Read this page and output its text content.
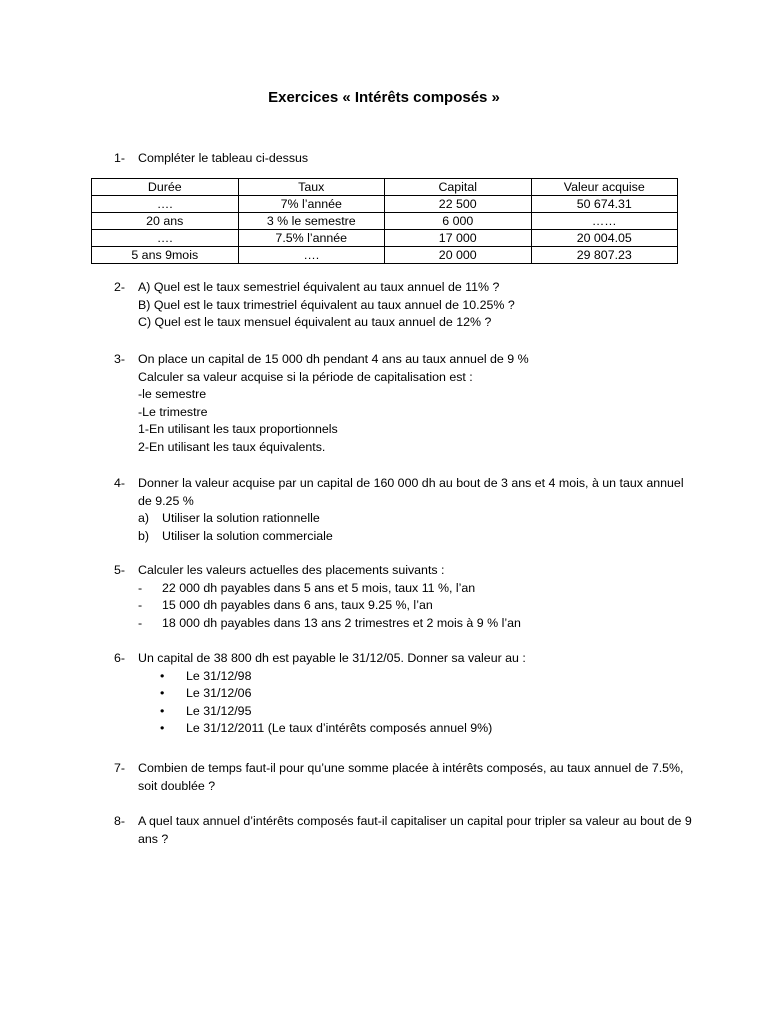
Exercices « Intérêts composés »
1-	Compléter le tableau ci-dessus
Durée	Taux	Capital	Valeur acquise
….	7% l’année	22 500	50 674.31
20 ans	3 % le semestre	6 000	……
….	7.5% l’année	17 000	20 004.05
5 ans 9mois	….	20 000	29 807.23
2-	A) Quel est le taux semestriel équivalent au taux annuel de 11% ?
B) Quel est le taux trimestriel équivalent au taux annuel de 10.25% ?
C) Quel est le taux mensuel équivalent au taux annuel de 12% ?
3-	On place un capital de 15 000 dh pendant 4 ans au taux annuel de 9 %
Calculer sa valeur acquise si la période de capitalisation est :
-le semestre
-Le trimestre
1-En utilisant les taux proportionnels
2-En utilisant les taux équivalents.
4-	Donner la valeur acquise par un capital de 160 000 dh au bout de 3 ans et 4 mois, à un taux annuel de 9.25 %
a) Utiliser la solution rationnelle
b) Utiliser la solution commerciale
5-	Calculer les valeurs actuelles des placements suivants :
- 22 000 dh payables dans 5 ans et 5 mois, taux 11 %, l’an
- 15 000 dh payables dans 6 ans, taux 9.25 %, l’an
- 18 000 dh payables dans 13 ans 2 trimestres et 2 mois à 9 % l’an
6-	Un capital de 38 800 dh est payable le 31/12/05. Donner sa valeur au :
• Le 31/12/98
• Le 31/12/06
• Le 31/12/95
• Le 31/12/2011 (Le taux d’intérêts composés annuel 9%)
7-	Combien de temps faut-il pour qu’une somme placée à intérêts composés, au taux annuel de 7.5%, soit doublée ?
8-	A quel taux annuel d’intérêts composés faut-il capitaliser un capital pour tripler sa valeur au bout de 9 ans ?
